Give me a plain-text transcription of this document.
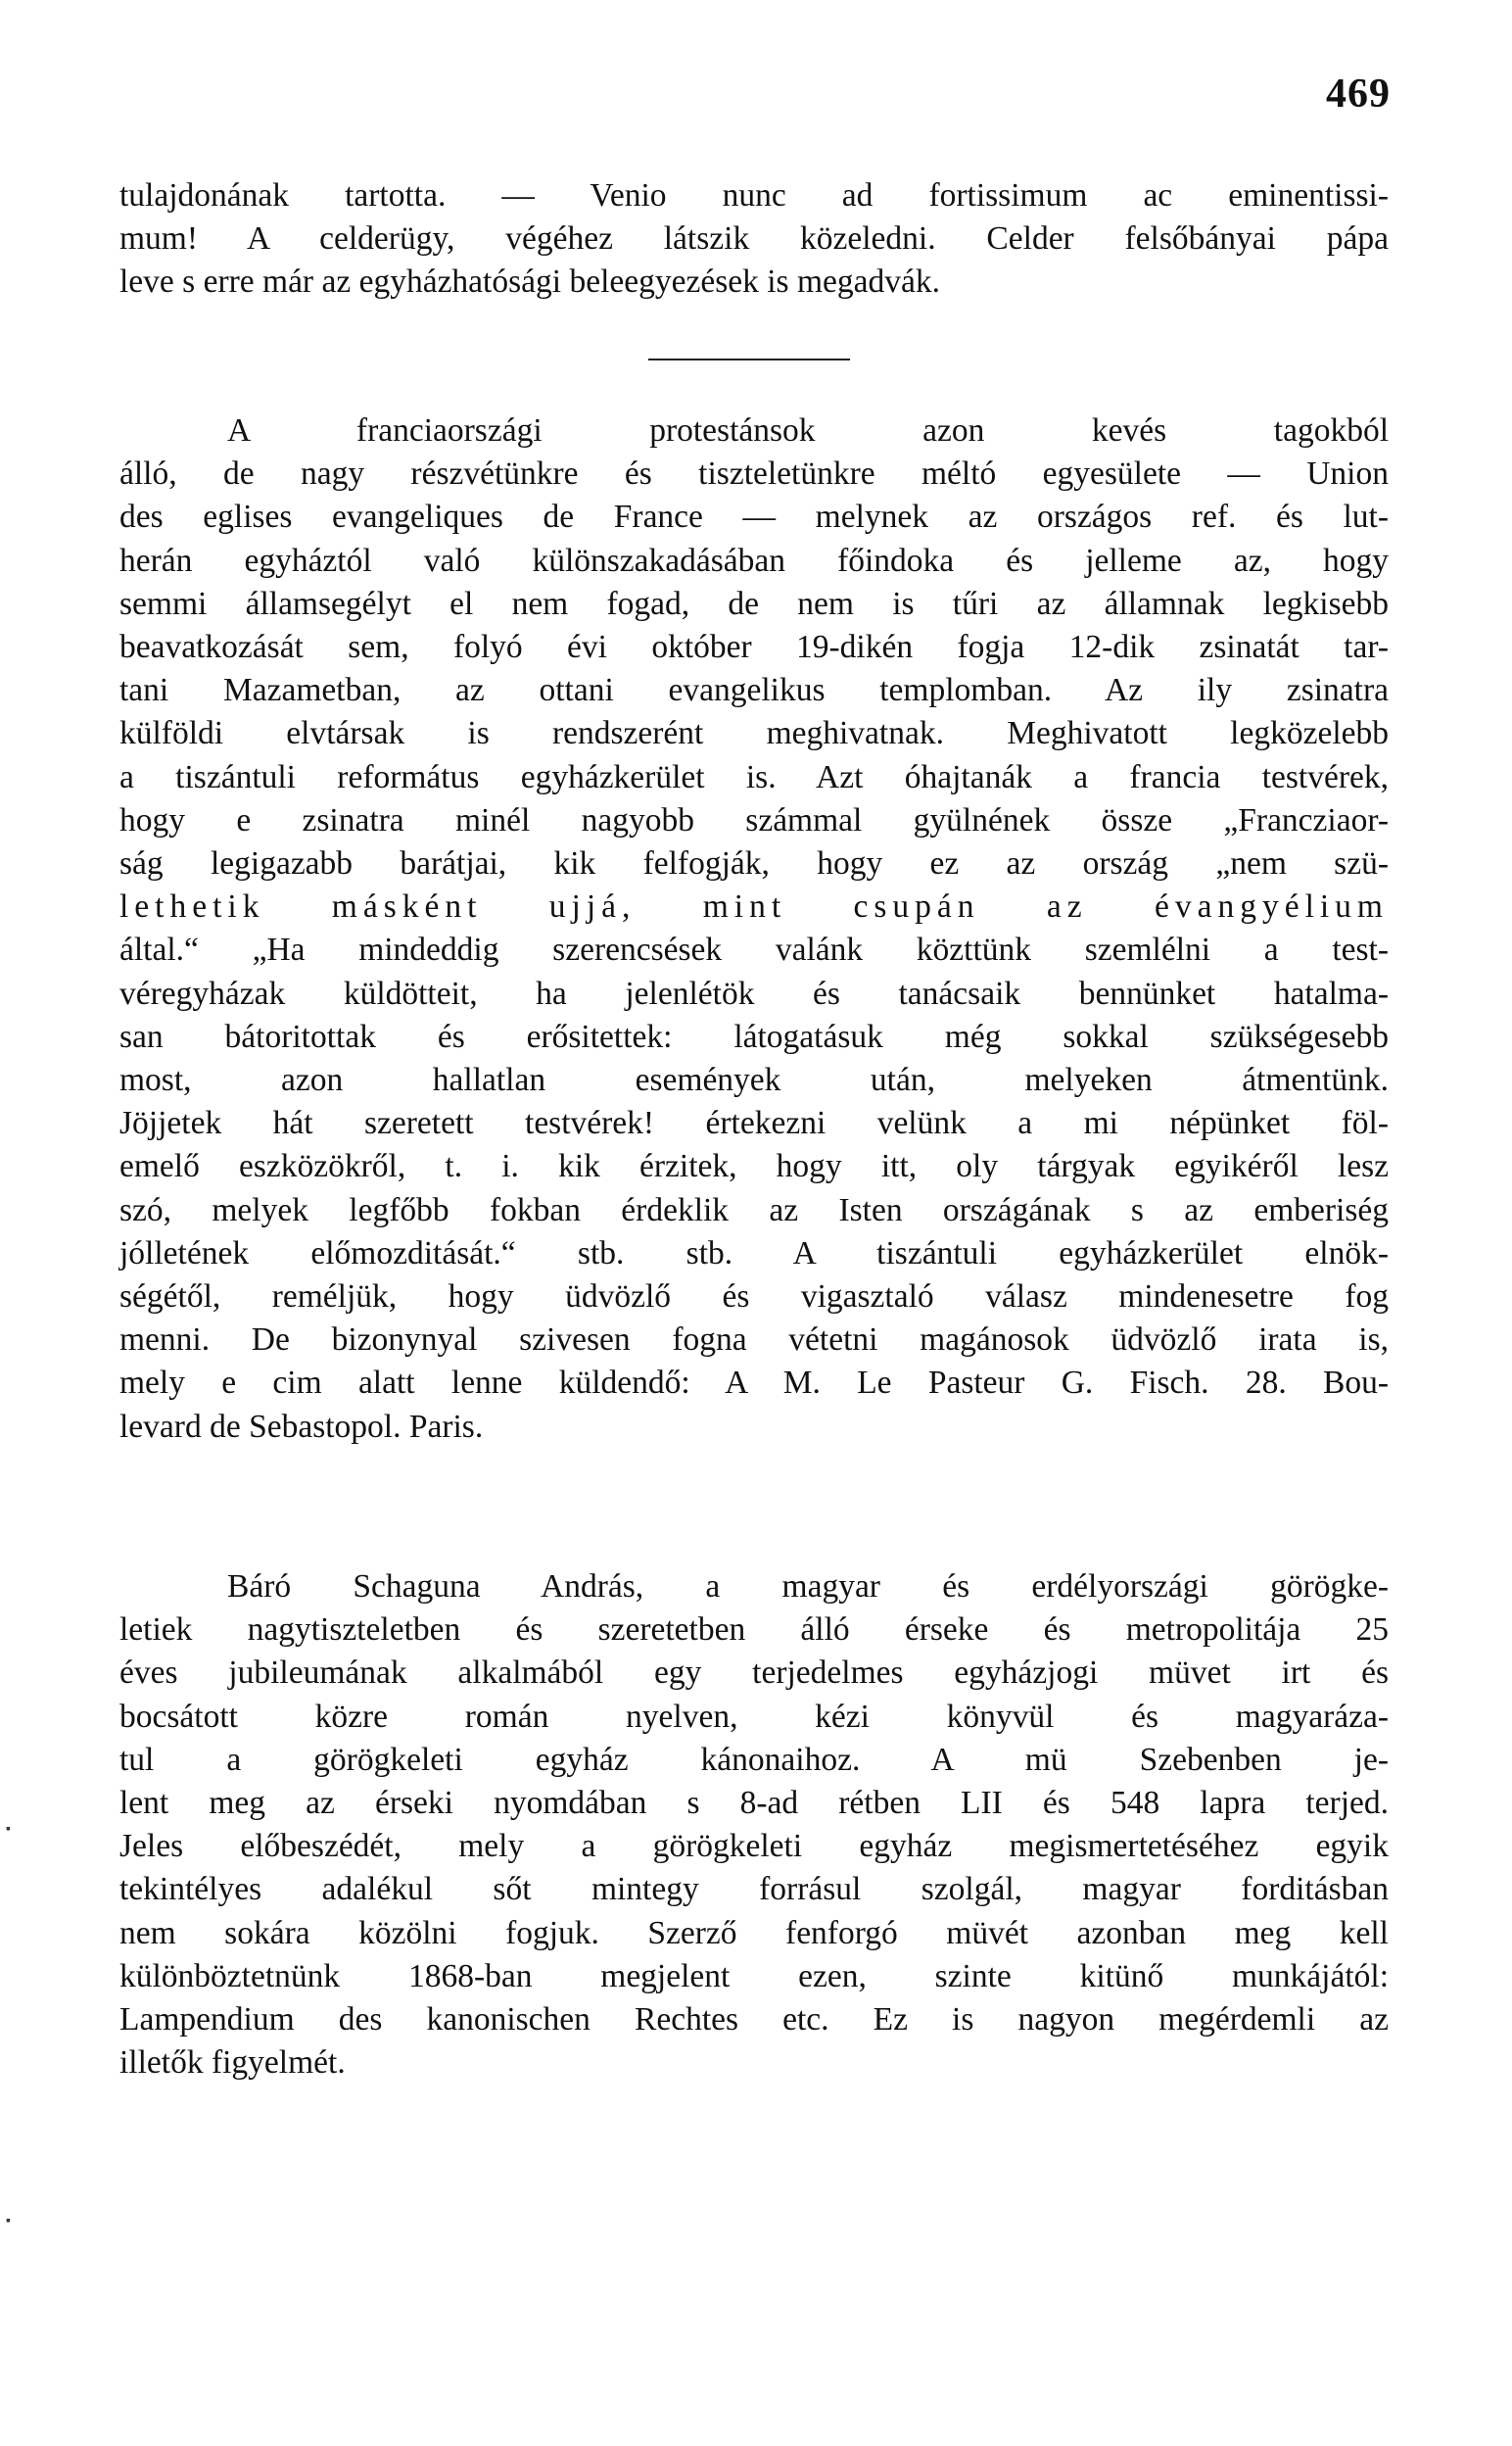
469
tulajdonának tartotta. — Venio nunc ad fortissimum ac eminentissi-
mum! A celderügy, végéhez látszik közeledni. Celder felsőbányai pápa
leve s erre már az egyházhatósági beleegyezések is megadvák.
A franciaországi protestánsok azon kevés tagokból
álló, de nagy részvétünkre és tiszteletünkre méltó egyesülete — Union
des eglises evangeliques de France — melynek az országos ref. és lut-
herán egyháztól való különszakadásában főindoka és jelleme az, hogy
semmi államsegélyt el nem fogad, de nem is tűri az államnak legkisebb
beavatkozását sem, folyó évi október 19-dikén fogja 12-dik zsinatát tar-
tani Mazametban, az ottani evangelikus templomban. Az ily zsinatra
külföldi elvtársak is rendszerént meghivatnak. Meghivatott legközelebb
a tiszántuli református egyházkerület is. Azt óhajtanák a francia testvérek,
hogy e zsinatra minél nagyobb számmal gyülnének össze „Francziaor-
ság legigazabb barátjai, kik felfogják, hogy ez az ország „nem szü-
lethetik másként ujjá, mint csupán az évangyélium
által.“ „Ha mindeddig szerencsések valánk közttünk szemlélni a test-
véregyházak küldötteit, ha jelenlétök és tanácsaik bennünket hatalma-
san bátoritottak és erősitettek: látogatásuk még sokkal szükségesebb
most, azon hallatlan események után, melyeken átmentünk.
Jöjjetek hát szeretett testvérek! értekezni velünk a mi népünket föl-
emelő eszközökről, t. i. kik érzitek, hogy itt, oly tárgyak egyikéről lesz
szó, melyek legfőbb fokban érdeklik az Isten országának s az emberiség
jólletének előmozditását.“ stb. stb. A tiszántuli egyházkerület elnök-
ségétől, reméljük, hogy üdvözlő és vigasztaló válasz mindenesetre fog
menni. De bizonynyal szivesen fogna vétetni magánosok üdvözlő irata is,
mely e cim alatt lenne küldendő: A M. Le Pasteur G. Fisch. 28. Bou-
levard de Sebastopol. Paris.
Báró Schaguna András, a magyar és erdélyországi görögke-
letiek nagytiszteletben és szeretetben álló érseke és metropolitája 25
éves jubileumának alkalmából egy terjedelmes egyházjogi müvet irt és
bocsátott közre román nyelven, kézi könyvül és magyaráza-
tul a görögkeleti egyház kánonaihoz. A mü Szebenben je-
lent meg az érseki nyomdában s 8-ad rétben LII és 548 lapra terjed.
Jeles előbeszédét, mely a görögkeleti egyház megismertetéséhez egyik
tekintélyes adalékul sőt mintegy forrásul szolgál, magyar forditásban
nem sokára közölni fogjuk. Szerző fenforgó müvét azonban meg kell
különböztetnünk 1868-ban megjelent ezen, szinte kitünő munkájától:
Lampendium des kanonischen Rechtes etc. Ez is nagyon megérdemli az
illetők figyelmét.
▪
▪
